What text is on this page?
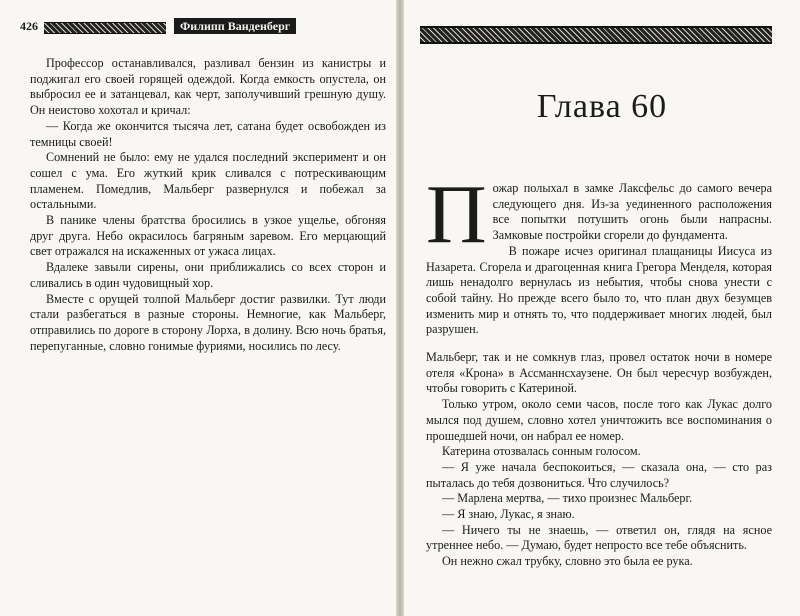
426	Филипп Ванденберг

Профессор останавливался, разливал бензин из канистры и поджигал его своей горящей одеждой. Когда емкость опустела, он выбросил ее и затанцевал, как черт, заполучивший грешную душу. Он неистово хохотал и кричал:

— Когда же окончится тысяча лет, сатана будет освобожден из темницы своей!

Сомнений не было: ему не удался последний эксперимент и он сошел с ума. Его жуткий крик сливался с потрескивающим пламенем. Помедлив, Мальберг развернулся и побежал за остальными.

В панике члены братства бросились в узкое ущелье, обгоняя друг друга. Небо окрасилось багряным заревом. Его мерцающий свет отражался на искаженных от ужаса лицах.

Вдалеке завыли сирены, они приближались со всех сторон и сливались в один чудовищный хор.

Вместе с орущей толпой Мальберг достиг развилки. Тут люди стали разбегаться в разные стороны. Немногие, как Мальберг, отправились по дороге в сторону Лорха, в долину. Всю ночь братья, перепуганные, словно гонимые фуриями, носились по лесу.

Глава 60
П ожар полыхал в замке Лаксфельс до самого вечера следующего дня. Из-за уединенного расположения все попытки потушить огонь были напрасны. Замковые постройки сгорели до фундамента.

В пожаре исчез оригинал плащаницы Иисуса из Назарета. Сгорела и драгоценная книга Грегора Менделя, которая лишь ненадолго вернулась из небытия, чтобы снова унести с собой тайну. Но прежде всего было то, что план двух безумцев изменить мир и отнять то, что поддерживает многих людей, был разрушен.

Мальберг, так и не сомкнув глаз, провел остаток ночи в номере отеля «Крона» в Ассманнсхаузене. Он был чересчур возбужден, чтобы говорить с Катериной.

Только утром, около семи часов, после того как Лукас долго мылся под душем, словно хотел уничтожить все воспоминания о прошедшей ночи, он набрал ее номер.

Катерина отозвалась сонным голосом.

— Я уже начала беспокоиться, — сказала она, — сто раз пыталась до тебя дозвониться. Что случилось?

— Марлена мертва, — тихо произнес Мальберг.

— Я знаю, Лукас, я знаю.

— Ничего ты не знаешь, — ответил он, глядя на ясное утреннее небо. — Думаю, будет непросто все тебе объяснить.

Он нежно сжал трубку, словно это была ее рука.
